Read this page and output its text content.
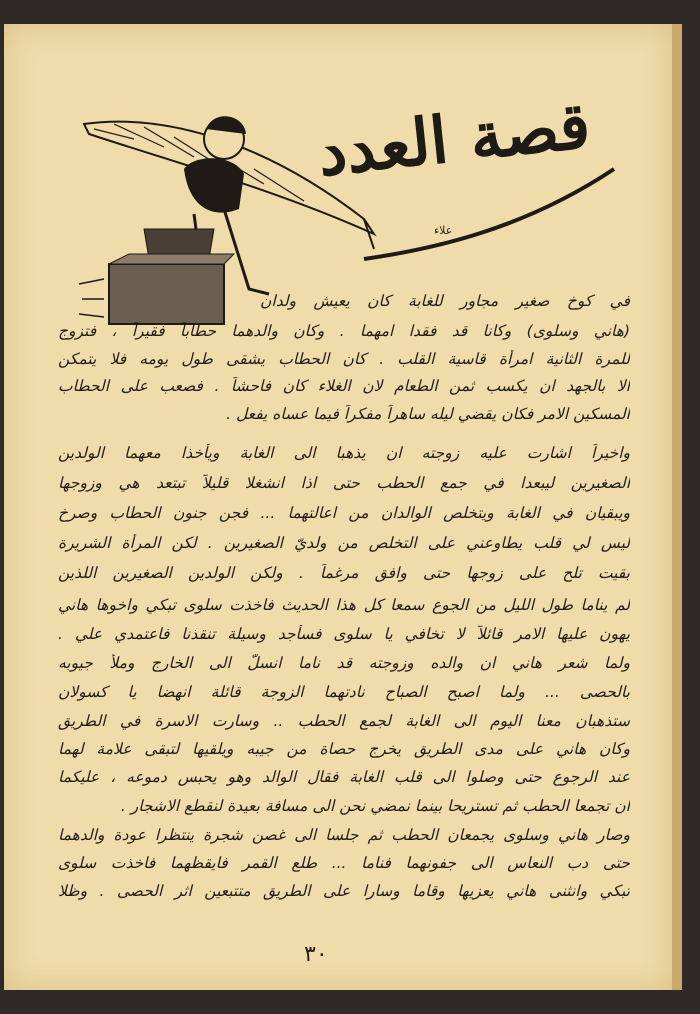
قصة العدد
علاء
في كوخ صغير مجاور للغابة كان يعيش ولدان
(هاني وسلوى) وكانا قد فقدا امهما . وكان والدهما حطاباً فقيراً ، فتزوج
للمرة الثانية امرأة قاسية القلب . كان الحطاب يشقى طول يومه فلا يتمكن
الا بالجهد ان يكسب ثمن الطعام لان الغلاء كان فاحشاً . فصعب على الحطاب
المسكين الامر فكان يقضي ليله ساهراً مفكراً فيما عساه يفعل .
واخيراً اشارت عليه زوجته ان يذهبا الى الغابة ويأخذا معهما الولدين
الصغيرين ليبعدا في جمع الحطب حتى اذا انشغلا قليلاً تبتعد هي وزوجها
ويبقيان في الغابة ويتخلص الوالدان من اعالتهما ... فجن جنون الحطاب وصرخ
ليس لي قلب يطاوعني على التخلص من ولديّ الصغيرين . لكن المرأة الشريرة
بقيت تلح على زوجها حتى وافق مرغماً . ولكن الولدين الصغيرين اللذين
لم يناما طول الليل من الجوع سمعا كل هذا الحديث فاخذت سلوى تبكي واخوها هاني
يهون عليها الامر قائلاً لا تخافي يا سلوى فسأجد وسيلة تنقذنا فاعتمدي علي .
ولما شعر هاني ان والده وزوجته قد ناما انسلّ الى الخارج وملأ جيوبه
بالحصى ... ولما اصبح الصباح نادتهما الزوجة قائلة انهضا يا كسولان
ستذهبان معنا اليوم الى الغابة لجمع الحطب .. وسارت الاسرة في الطريق
وكان هاني على مدى الطريق يخرج حصاة من جيبه ويلقيها لتبقى علامة لهما
عند الرجوع حتى وصلوا الى قلب الغابة فقال الوالد وهو يحبس دموعه ، عليكما
ان تجمعا الحطب ثم تستريحا بينما نمضي نحن الى مسافة بعيدة لنقطع الاشجار .
وصار هاني وسلوى يجمعان الحطب ثم جلسا الى غصن شجرة ينتظرا عودة والدهما
حتى دب النعاس الى جفونهما فناما ... طلع القمر فايقظهما فاخذت سلوى
تبكي وانثنى هاني يعزيها وقاما وسارا على الطريق متتبعين اثر الحصى . وظلا
٣٠
